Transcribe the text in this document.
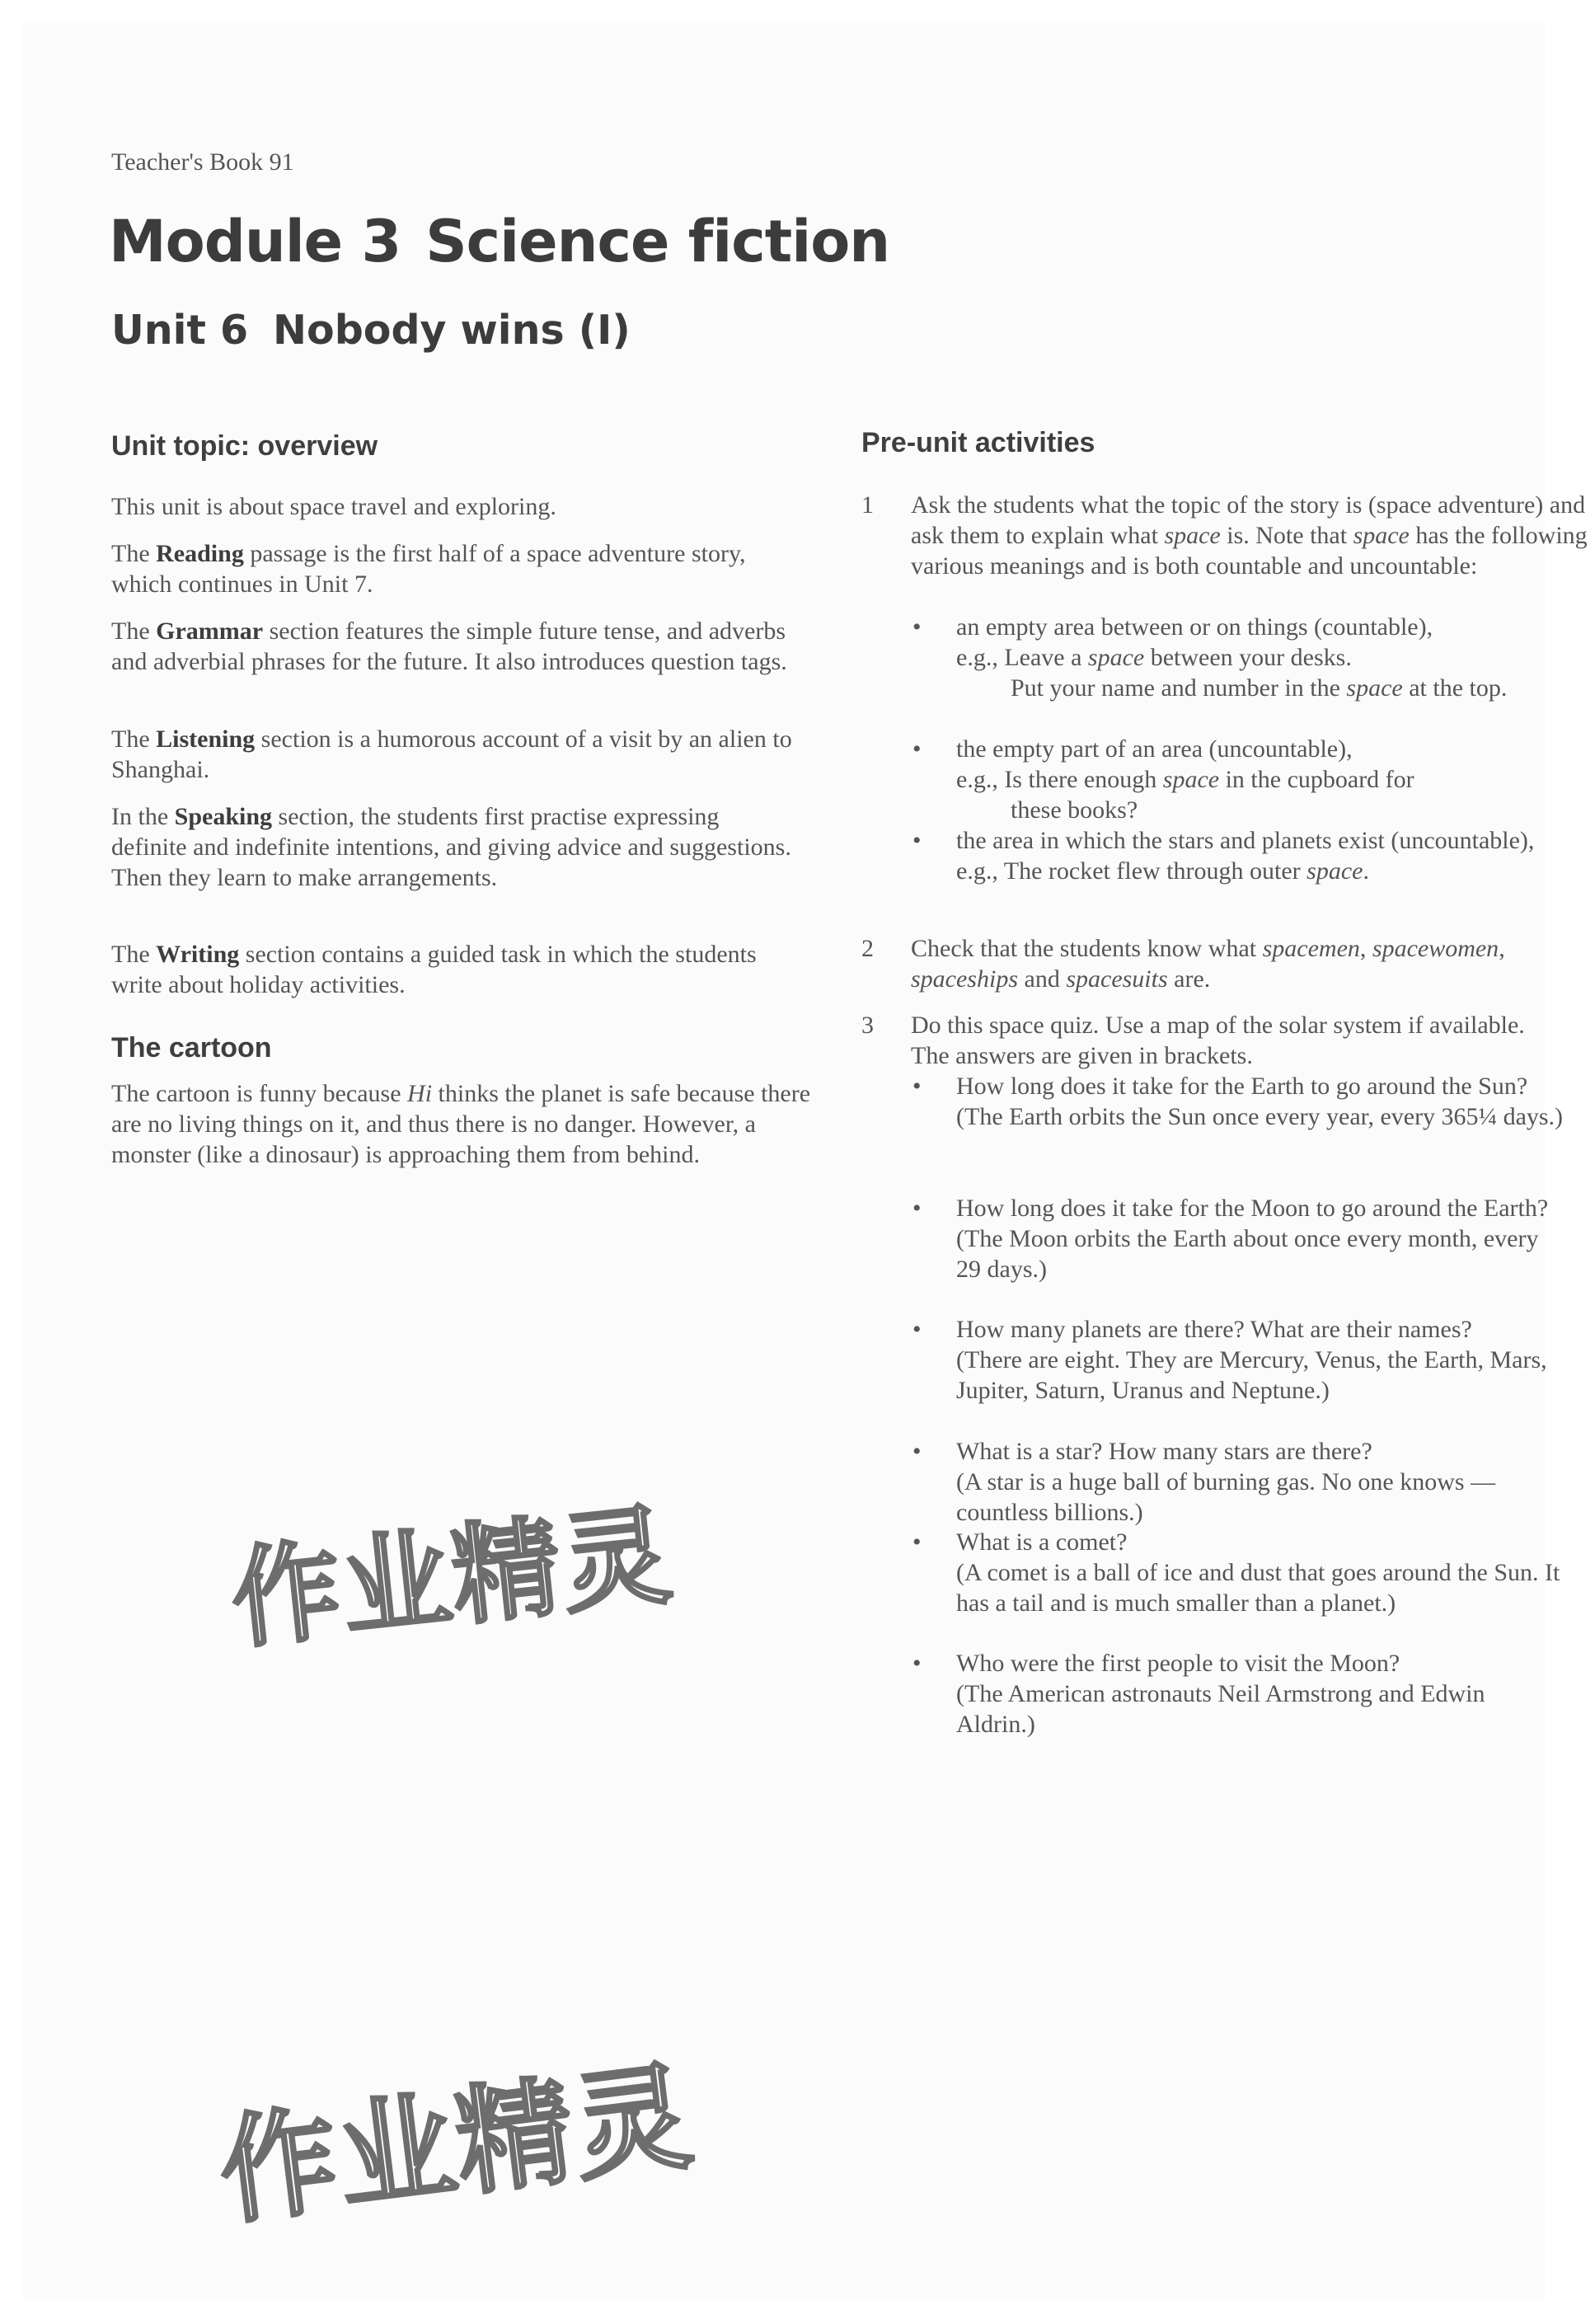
Teacher's Book 91
Module 3 Science fiction
Unit 6 Nobody wins (I)
Unit topic: overview

This unit is about space travel and exploring.

The Reading passage is the first half of a space adventure story, which continues in Unit 7.

The Grammar section features the simple future tense, and adverbs and adverbial phrases for the future. It also introduces question tags.

The Listening section is a humorous account of a visit by an alien to Shanghai.

In the Speaking section, the students first practise expressing definite and indefinite intentions, and giving advice and suggestions. Then they learn to make arrangements.

The Writing section contains a guided task in which the students write about holiday activities.

The cartoon

The cartoon is funny because Hi thinks the planet is safe because there are no living things on it, and thus there is no danger. However, a monster (like a dinosaur) is approaching them from behind.

Pre-unit activities
1 Ask the students what the topic of the story is (space adventure) and ask them to explain what space is. Note that space has the following various meanings and is both countable and uncountable:

• an empty area between or on things (countable),
e.g., Leave a space between your desks.
Put your name and number in the space at the top.

• the empty part of an area (uncountable),
e.g., Is there enough space in the cupboard for

these books?

• the area in which the stars and planets exist (uncountable),
e.g., The rocket flew through outer space.

2 Check that the students know what spacemen, spacewomen, spaceships and spacesuits are.

3 Do this space quiz. Use a map of the solar system if available. The answers are given in brackets.

• How long does it take for the Earth to go around the Sun?
(The Earth orbits the Sun once every year, every 365¼ days.)

• How long does it take for the Moon to go around the Earth?
(The Moon orbits the Earth about once every month, every 29 days.)

• How many planets are there? What are their names?
(There are eight. They are Mercury, Venus, the Earth, Mars, Jupiter, Saturn, Uranus and Neptune.)

• What is a star? How many stars are there?
(A star is a huge ball of burning gas. No one knows —countless billions.)

• What is a comet?
(A comet is a ball of ice and dust that goes around the Sun. It has a tail and is much smaller than a planet.)

• Who were the first people to visit the Moon?
(The American astronauts Neil Armstrong and Edwin Aldrin.)

作业精灵
作业精灵
